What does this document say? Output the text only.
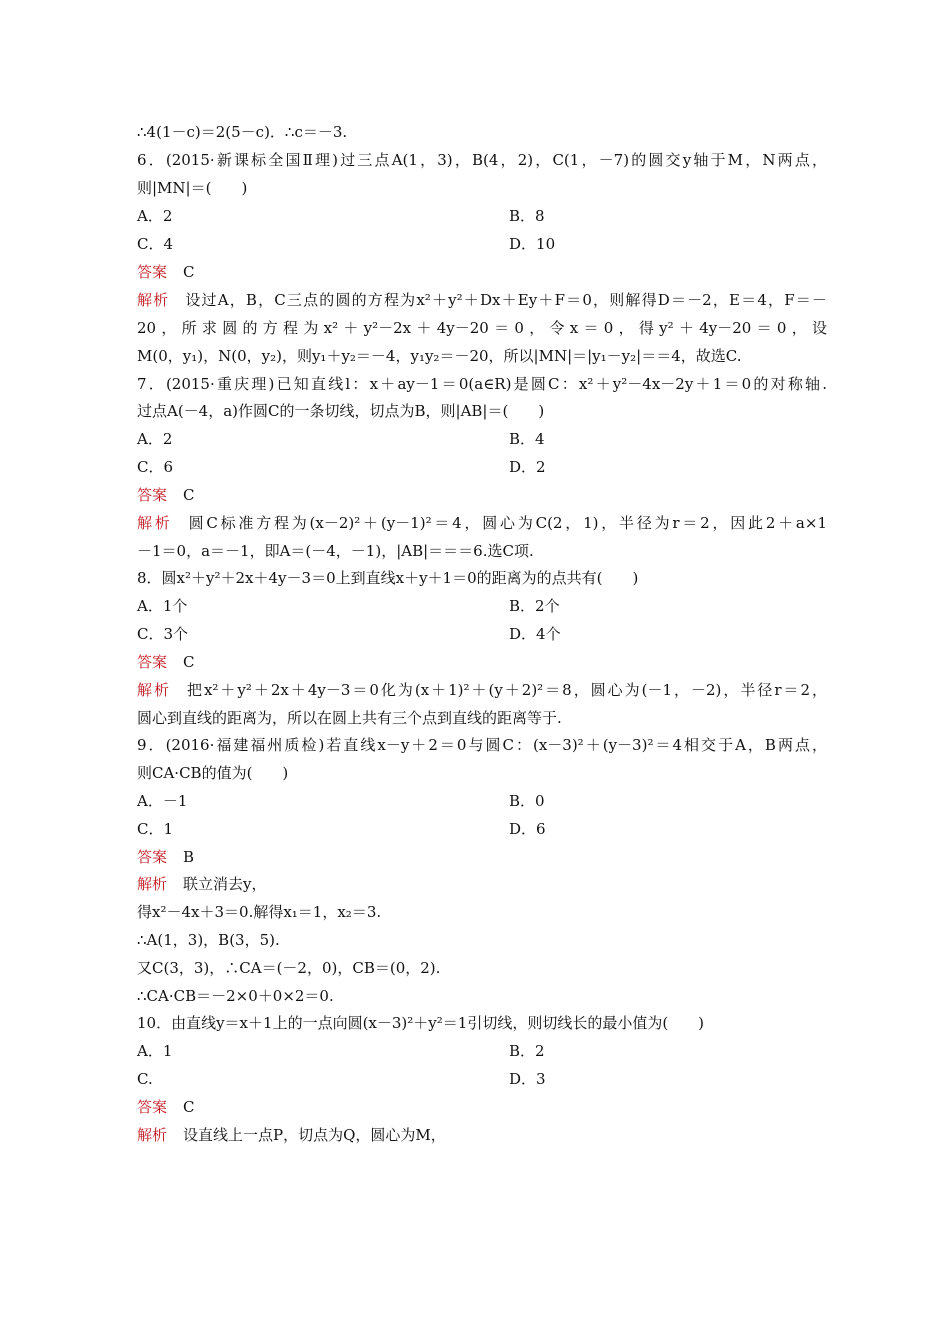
∴4(1－c)＝2(5－c)．∴c＝－3.
6．(2015·新课标全国Ⅱ理)过三点A(1，3)，B(4，2)，C(1，－7)的圆交y轴于M，N两点，
则|MN|＝(　　)
A．2	B．8
C．4	D．10
答案 C
解析 设过A，B，C三点的圆的方程为x²＋y²＋Dx＋Ey＋F＝0，则解得D＝－2，E＝4，F＝－
20，所求圆的方程为x²＋y²－2x＋4y－20＝0，令x＝0，得y²＋4y－20＝0，设
M(0，y₁)，N(0，y₂)，则y₁＋y₂＝－4，y₁y₂＝－20，所以|MN|＝|y₁－y₂|＝＝4，故选C.
7．(2015·重庆理)已知直线l：x＋ay－1＝0(a∈R)是圆C：x²＋y²－4x－2y＋1＝0的对称轴.
过点A(－4，a)作圆C的一条切线，切点为B，则|AB|＝(　　)
A．2	B．4
C．6	D．2
答案 C
解析 圆C标准方程为(x－2)²＋(y－1)²＝4，圆心为C(2，1)，半径为r＝2，因此2＋a×1
－1＝0，a＝－1，即A＝(－4，－1)，|AB|＝＝＝6.选C项.
8．圆x²＋y²＋2x＋4y－3＝0上到直线x＋y＋1＝0的距离为的点共有(　　)
A．1个	B．2个
C．3个	D．4个
答案 C
解析 把x²＋y²＋2x＋4y－3＝0化为(x＋1)²＋(y＋2)²＝8，圆心为(－1，－2)，半径r＝2，
圆心到直线的距离为，所以在圆上共有三个点到直线的距离等于.
9．(2016·福建福州质检)若直线x－y＋2＝0与圆C：(x－3)²＋(y－3)²＝4相交于A，B两点，
则CA·CB的值为(　　)
A．－1	B．0
C．1	D．6
答案 B
解析 联立消去y，
得x²－4x＋3＝0.解得x₁＝1，x₂＝3.
∴A(1，3)，B(3，5).
又C(3，3)，∴CA＝(－2，0)，CB＝(0，2).
∴CA·CB＝－2×0＋0×2＝0.
10．由直线y＝x＋1上的一点向圆(x－3)²＋y²＝1引切线，则切线长的最小值为(　　)
A．1	B．2
C.	D．3
答案 C
解析 设直线上一点P，切点为Q，圆心为M，
